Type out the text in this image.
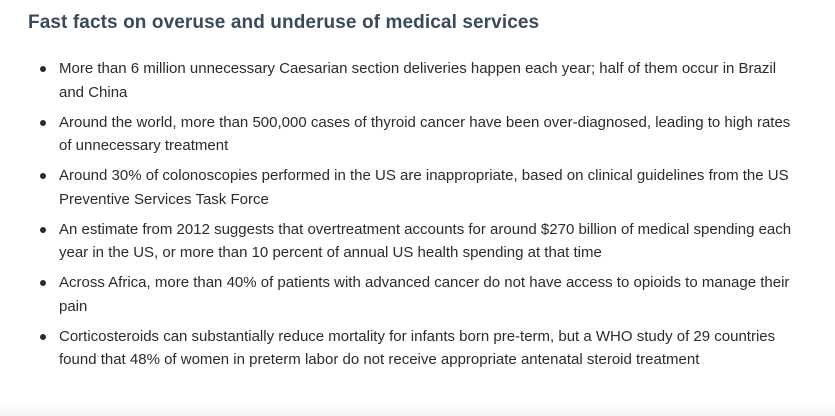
Fast facts on overuse and underuse of medical services
More than 6 million unnecessary Caesarian section deliveries happen each year; half of them occur in Brazil and China
Around the world, more than 500,000 cases of thyroid cancer have been over-diagnosed, leading to high rates of unnecessary treatment
Around 30% of colonoscopies performed in the US are inappropriate, based on clinical guidelines from the US Preventive Services Task Force
An estimate from 2012 suggests that overtreatment accounts for around $270 billion of medical spending each year in the US, or more than 10 percent of annual US health spending at that time
Across Africa, more than 40% of patients with advanced cancer do not have access to opioids to manage their pain
Corticosteroids can substantially reduce mortality for infants born pre-term, but a WHO study of 29 countries found that 48% of women in preterm labor do not receive appropriate antenatal steroid treatment
